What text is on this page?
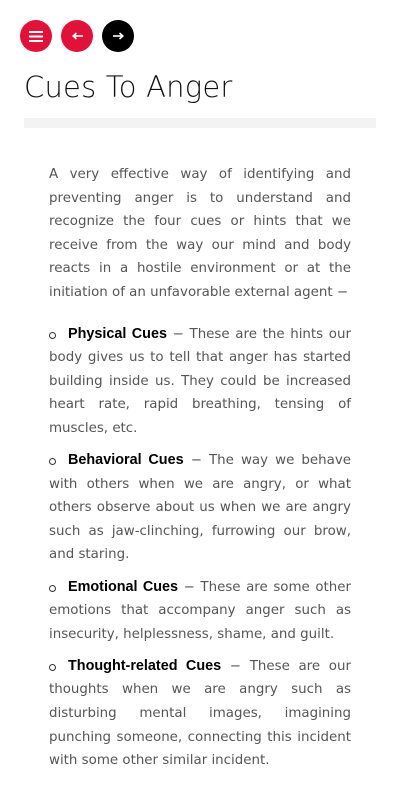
Cues To Anger

A very effective way of identifying and preventing anger is to understand and recognize the four cues or hints that we receive from the way our mind and body reacts in a hostile environment or at the initiation of an unfavorable external agent −

Physical Cues − These are the hints our body gives us to tell that anger has started building inside us. They could be increased heart rate, rapid breathing, tensing of muscles, etc.
Behavioral Cues − The way we behave with others when we are angry, or what others observe about us when we are angry such as jaw-clinching, furrowing our brow, and staring.
Emotional Cues − These are some other emotions that accompany anger such as insecurity, helplessness, shame, and guilt.
Thought-related Cues − These are our thoughts when we are angry such as disturbing mental images, imagining punching someone, connecting this incident with some other similar incident.
